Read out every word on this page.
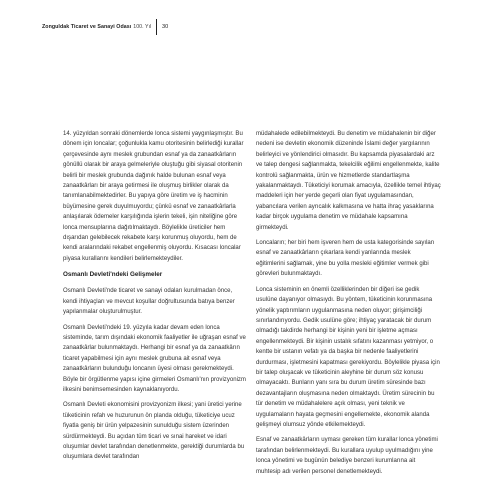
Zonguldak Ticaret ve Sanayi Odası 100. Yıl 30

14. yüzyıldan sonraki dönemlerde lonca sistemi yaygınlaşmıştır. Bu dönem için loncalar; çoğunlukla kamu otoritesinin belirlediği kurallar çerçevesinde aynı meslek grubundan esnaf ya da zanaatkârların gönüllü olarak bir araya gelmeleriyle oluştuğu gibi siyasal otoritenin belirli bir meslek grubunda dağınık halde bulunan esnaf veya zanaatkârları bir araya getirmesi ile oluşmuş birlikler olarak da tanımlanabilmektedirler. Bu yapıya göre üretim ve iş hacminin büyümesine gerek duyulmuyordu; çünkü esnaf ve zanaatkârlarla anlaşılarak ödemeler karşılığında işlerin tekeli, işin niteliğine göre lonca mensuplarına dağıtılmaktaydı. Böylelikle üreticiler hem dışarıdan gelebilecek rekabete karşı korunmuş oluyordu, hem de kendi aralarındaki rekabet engellenmiş oluyordu. Kısacası loncalar piyasa kurallarını kendileri belirlemekteydiler.

Osmanlı Devleti'ndeki Gelişmeler

Osmanlı Devleti'nde ticaret ve sanayi odaları kurulmadan önce, kendi ihtiyaçları ve mevcut koşullar doğrultusunda batıya benzer yapılanmalar oluşturulmuştur.

Osmanlı Devleti'ndeki 19. yüzyıla kadar devam eden lonca sisteminde, tarım dışındaki ekonomik faaliyetler ile uğraşan esnaf ve zanaatkârlar bulunmaktaydı. Herhangi bir esnaf ya da zanaatkârın ticaret yapabilmesi için aynı meslek grubuna ait esnaf veya zanaatkârların bulunduğu loncanın üyesi olması gerekmekteydi. Böyle bir örgütlenme yapısı içine girmeleri Osmanlı'nın provizyonizm ilkesini benimsemesinden kaynaklanıyordu.

Osmanlı Devleti ekonomisini provizyonizm ilkesi; yani üretici yerine tüketicinin refah ve huzurunun ön planda olduğu, tüketiciye ucuz fiyatla geniş bir ürün yelpazesinin sunulduğu sistem üzerinden sürdürmekteydi. Bu açıdan tüm ticari ve sınai hareket ve idari oluşumlar devlet tarafından denetlenmekte, gerektiği durumlarda bu oluşumlara devlet tarafından

müdahalede edilebilmekteydi. Bu denetim ve müdahalenin bir diğer nedeni ise devletin ekonomik düzeninde İslami değer yargılarının belirleyici ve yönlendirici olmasıdır. Bu kapsamda piyasalardaki arz ve talep dengesi sağlanmakta, tekelcilik eğilimi engellenmekte, kalite kontrolü sağlanmakta, ürün ve hizmetlerde standartlaşma yakalanmaktaydı. Tüketiciyi korumak amacıyla, özellikle temel ihtiyaç maddeleri için her yerde geçerli olan fiyat uygulamasından, yabancılara verilen ayrıcalık kalkmasına ve hatta ihraç yasaklarına kadar birçok uygulama denetim ve müdahale kapsamına girmekteydi.

Loncaların; her biri hem işveren hem de usta kategorisinde sayılan esnaf ve zanaatkârların çıkarlara kendi yanlarında meslek eğitimlerini sağlamak, yine bu yolla mesleki eğitimler vermek gibi görevleri bulunmaktaydı.

Lonca sisteminin en önemli özelliklerinden bir diğeri ise gedik usulüne dayanıyor olmasıydı. Bu yöntem, tüketicinin korunmasına yönelik yaptırımların uygulanmasına neden oluyor; girişimciliği sınırlandırıyordu. Gedik usulüne göre; ihtiyaç yaratacak bir durum olmadığı takdirde herhangi bir kişinin yeni bir işletme açması engellenmekteydi. Bir kişinin ustalık sıfatını kazanması yetmiyor, o kentte bir ustanın vefatı ya da başka bir nedenle faaliyetlerini durdurması, işletmesini kapatması gerekiyordu. Böylelikle piyasa için bir talep oluşacak ve tüketicinin aleyhine bir durum söz konusu olmayacaktı. Bunların yanı sıra bu durum üretim süresinde bazı dezavantajların oluşmasına neden olmaktaydı. Üretim sürecinin bu tür denetim ve müdahalelere açık olması, yeni teknik ve uygulamaların hayata geçmesini engellemekte, ekonomik alanda gelişmeyi olumsuz yönde etkilemekteydi.

Esnaf ve zanaatkârların uyması gereken tüm kurallar lonca yönetimi tarafından belirlenmekteydi. Bu kurallara uyulup uyulmadığını yine lonca yönetimi ve bugünün belediye benzeri kurumlarına ait muhtesip adı verilen personel denetlemekteydi.
